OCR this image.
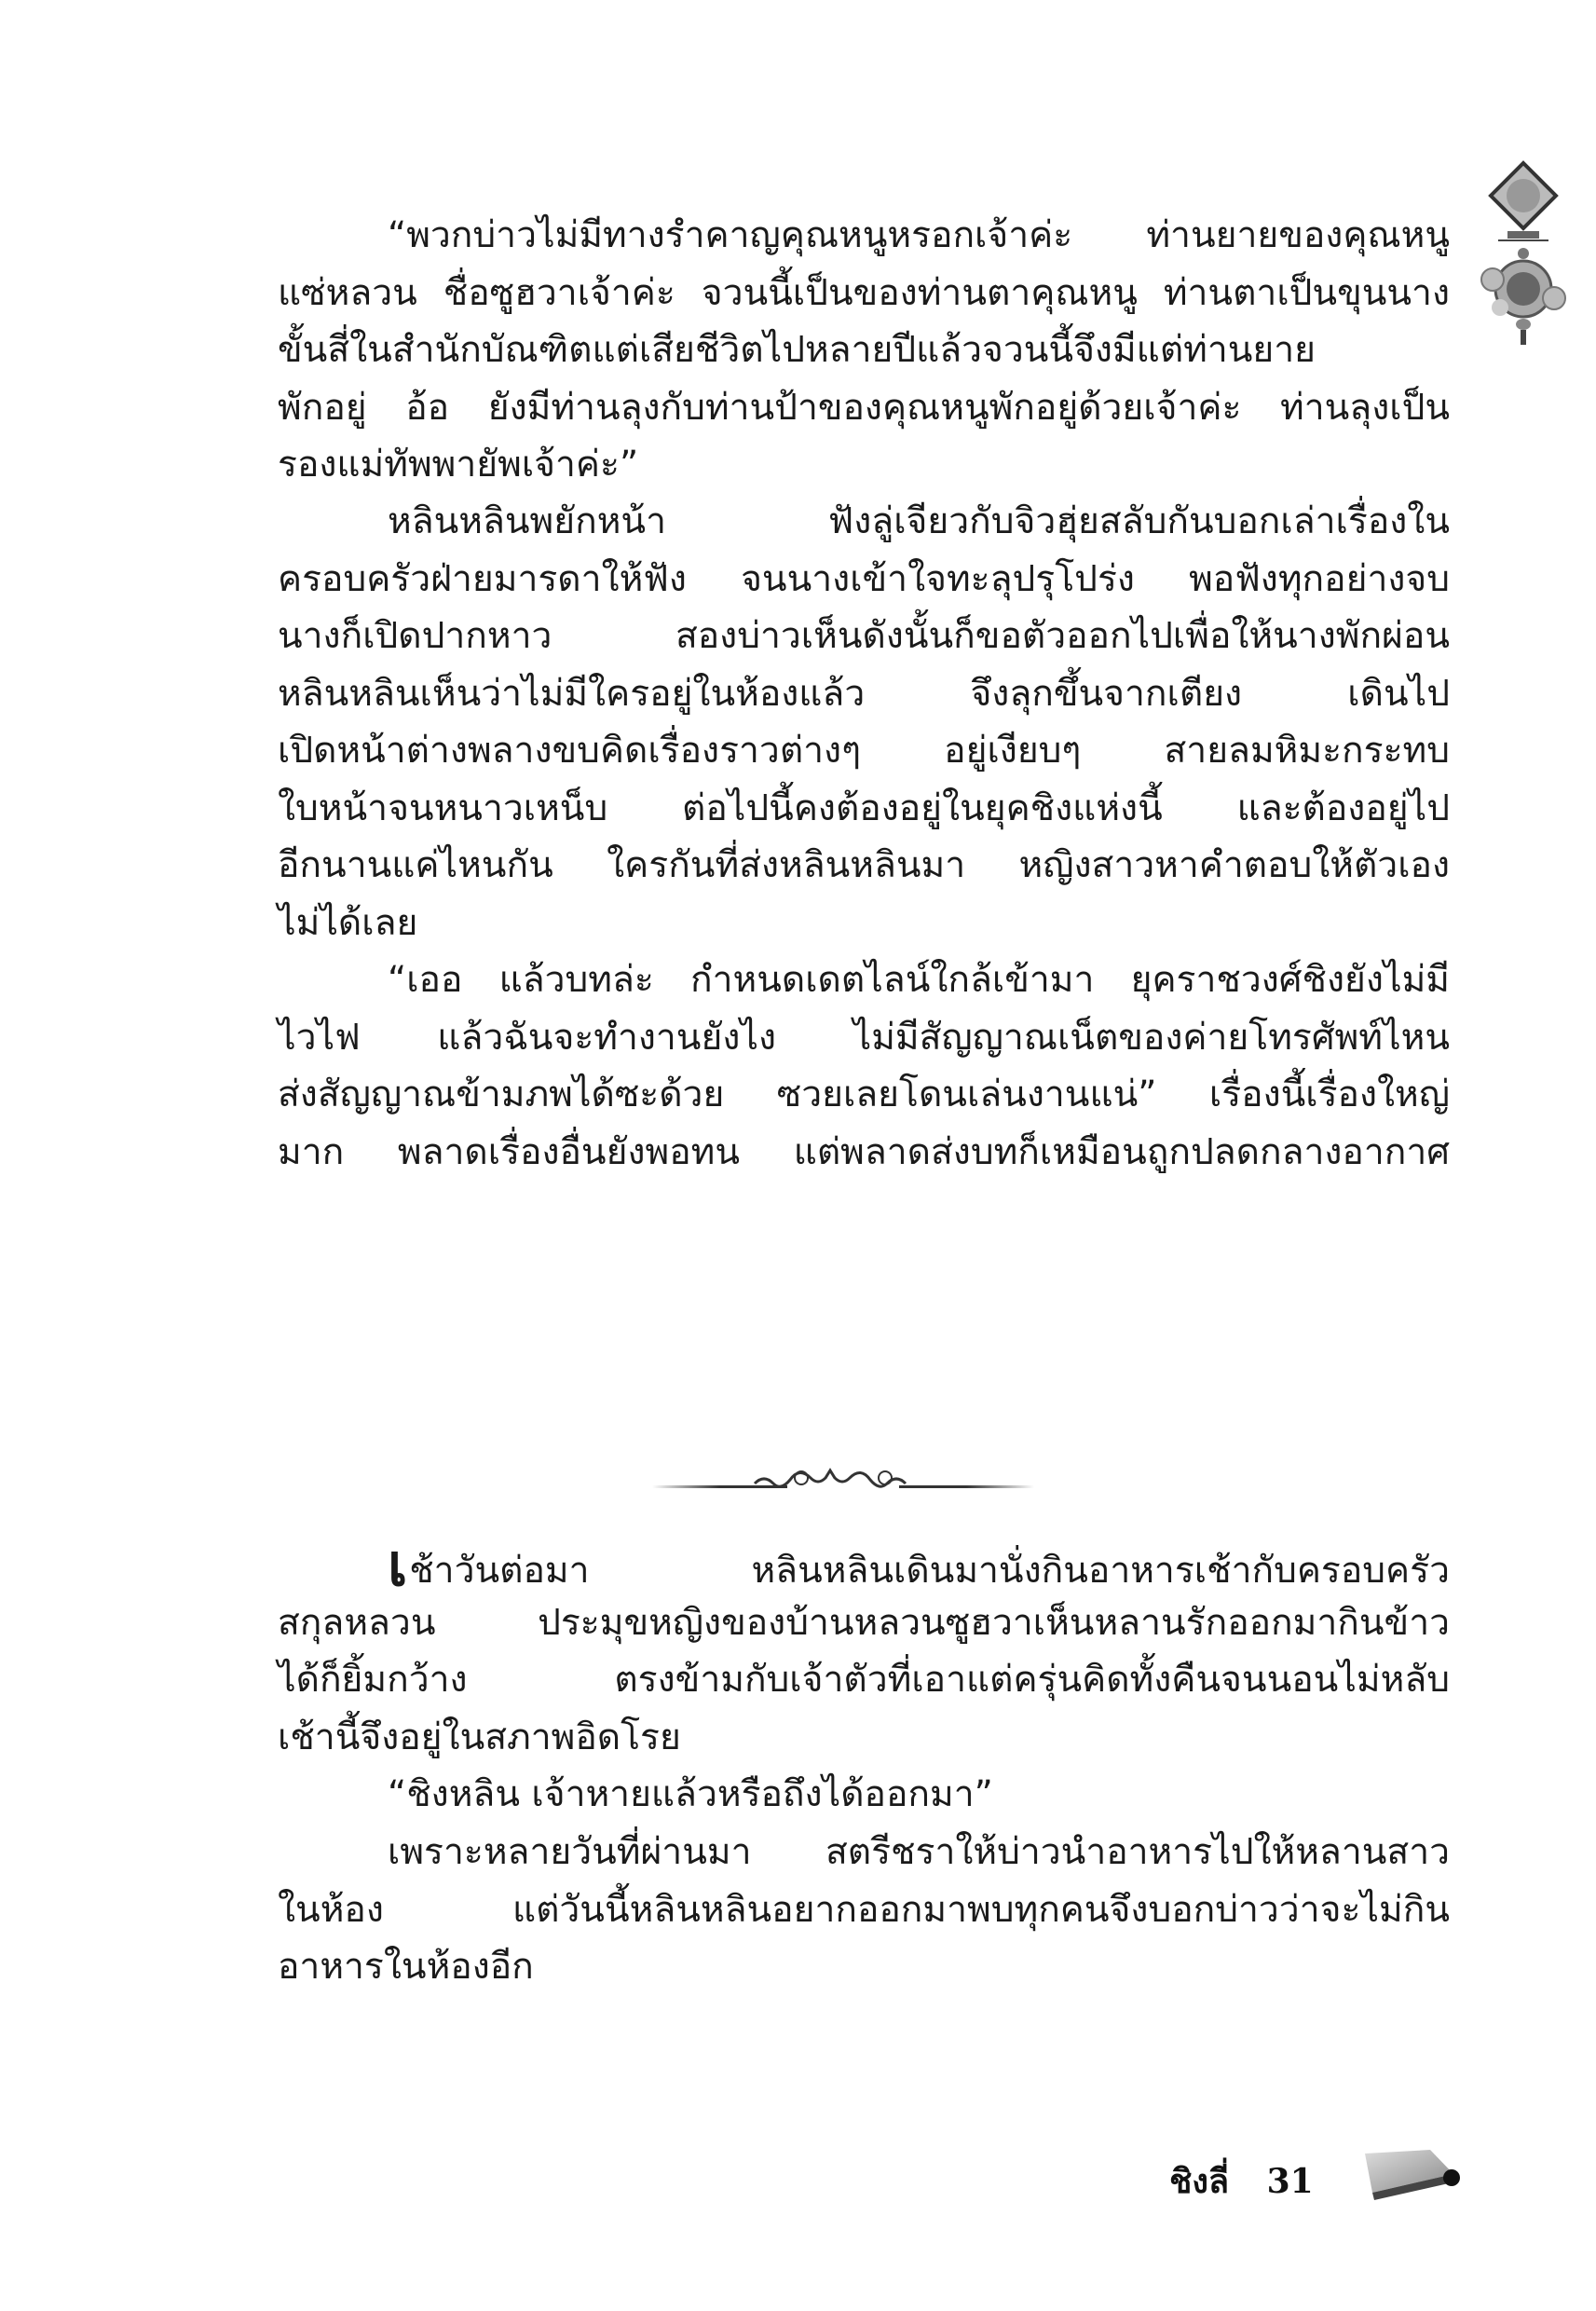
“พวกบ่าวไม่มีทางรำคาญคุณหนูหรอกเจ้าค่ะ ท่านยายของคุณหนู
แซ่หลวน ชื่อซูฮวาเจ้าค่ะ จวนนี้เป็นของท่านตาคุณหนู ท่านตาเป็นขุนนาง
ขั้นสี่ในสำนักบัณฑิตแต่เสียชีวิตไปหลายปีแล้วจวนนี้จึงมีแต่ท่านยาย
พักอยู่ อ้อ ยังมีท่านลุงกับท่านป้าของคุณหนูพักอยู่ด้วยเจ้าค่ะ ท่านลุงเป็น
รองแม่ทัพพายัพเจ้าค่ะ”
หลินหลินพยักหน้า ฟังลู่เจียวกับจิวฮุ่ยสลับกันบอกเล่าเรื่องใน
ครอบครัวฝ่ายมารดาให้ฟัง จนนางเข้าใจทะลุปรุโปร่ง พอฟังทุกอย่างจบ
นางก็เปิดปากหาว สองบ่าวเห็นดังนั้นก็ขอตัวออกไปเพื่อให้นางพักผ่อน
หลินหลินเห็นว่าไม่มีใครอยู่ในห้องแล้ว จึงลุกขึ้นจากเตียง เดินไป
เปิดหน้าต่างพลางขบคิดเรื่องราวต่างๆ อยู่เงียบๆ สายลมหิมะกระทบ
ใบหน้าจนหนาวเหน็บ ต่อไปนี้คงต้องอยู่ในยุคชิงแห่งนี้ และต้องอยู่ไป
อีกนานแค่ไหนกัน ใครกันที่ส่งหลินหลินมา หญิงสาวหาคำตอบให้ตัวเอง
ไม่ได้เลย
“เออ แล้วบทล่ะ กำหนดเดตไลน์ใกล้เข้ามา ยุคราชวงศ์ชิงยังไม่มี
ไวไฟ แล้วฉันจะทำงานยังไง ไม่มีสัญญาณเน็ตของค่ายโทรศัพท์ไหน
ส่งสัญญาณข้ามภพได้ซะด้วย ซวยเลยโดนเล่นงานแน่” เรื่องนี้เรื่องใหญ่
มาก พลาดเรื่องอื่นยังพอทน แต่พลาดส่งบทก็เหมือนถูกปลดกลางอากาศ
เช้าวันต่อมา หลินหลินเดินมานั่งกินอาหารเช้ากับครอบครัว
สกุลหลวน ประมุขหญิงของบ้านหลวนซูฮวาเห็นหลานรักออกมากินข้าว
ได้ก็ยิ้มกว้าง ตรงข้ามกับเจ้าตัวที่เอาแต่ครุ่นคิดทั้งคืนจนนอนไม่หลับ
เช้านี้จึงอยู่ในสภาพอิดโรย
“ชิงหลิน เจ้าหายแล้วหรือถึงได้ออกมา”
เพราะหลายวันที่ผ่านมา สตรีชราให้บ่าวนำอาหารไปให้หลานสาว
ในห้อง แต่วันนี้หลินหลินอยากออกมาพบทุกคนจึงบอกบ่าวว่าจะไม่กิน
อาหารในห้องอีก
ชิงลี่ 31
